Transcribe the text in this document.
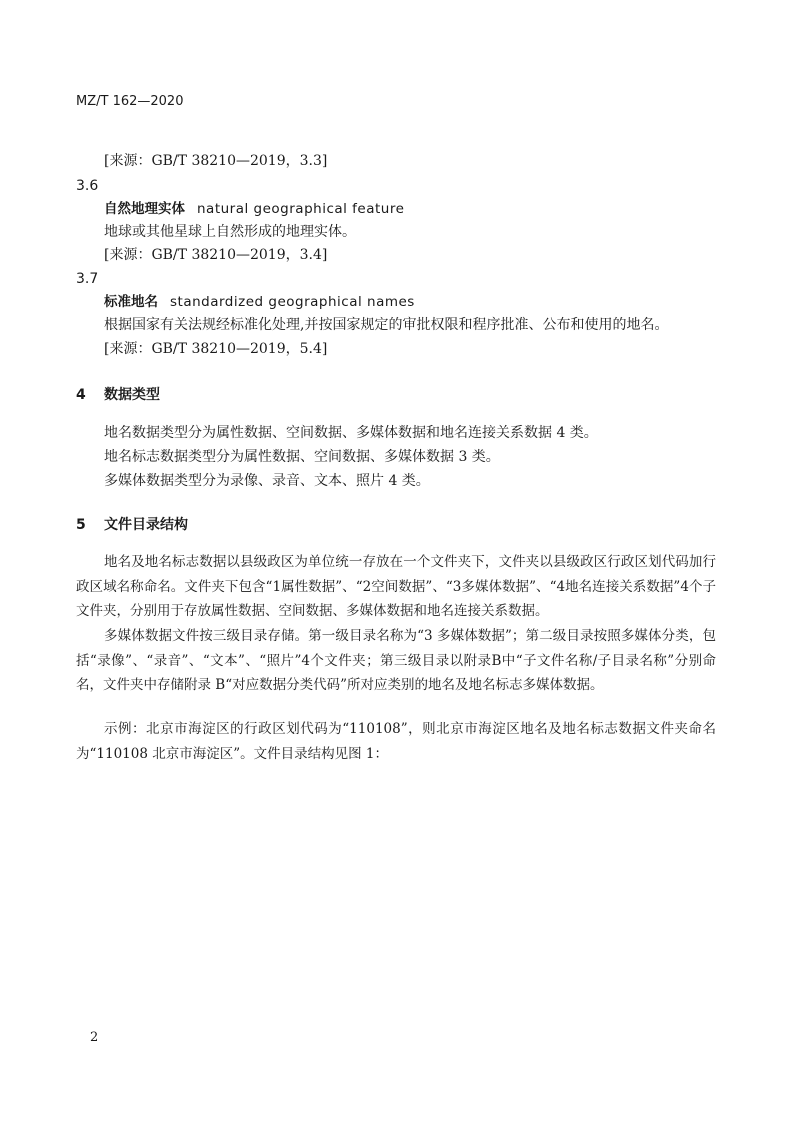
MZ/T 162—2020
[来源：GB/T 38210—2019，3.3]
3.6
自然地理实体 natural geographical feature
地球或其他星球上自然形成的地理实体。
[来源：GB/T 38210—2019，3.4]
3.7
标准地名 standardized geographical names
根据国家有关法规经标准化处理,并按国家规定的审批权限和程序批准、公布和使用的地名。
[来源：GB/T 38210—2019，5.4]
4 数据类型
地名数据类型分为属性数据、空间数据、多媒体数据和地名连接关系数据 4 类。
地名标志数据类型分为属性数据、空间数据、多媒体数据 3 类。
多媒体数据类型分为录像、录音、文本、照片 4 类。
5 文件目录结构
地名及地名标志数据以县级政区为单位统一存放在一个文件夹下，文件夹以县级政区行政区划代码加行政区域名称命名。文件夹下包含“1属性数据”、“2空间数据”、“3多媒体数据”、“4地名连接关系数据”4个子文件夹，分别用于存放属性数据、空间数据、多媒体数据和地名连接关系数据。
多媒体数据文件按三级目录存储。第一级目录名称为“3 多媒体数据”；第二级目录按照多媒体分类，包括“录像”、“录音”、“文本”、“照片”4个文件夹；第三级目录以附录B中“子文件名称/子目录名称”分别命名，文件夹中存储附录 B“对应数据分类代码”所对应类别的地名及地名标志多媒体数据。
示例：北京市海淀区的行政区划代码为“110108”，则北京市海淀区地名及地名标志数据文件夹命名为“110108 北京市海淀区”。文件目录结构见图 1：
2
